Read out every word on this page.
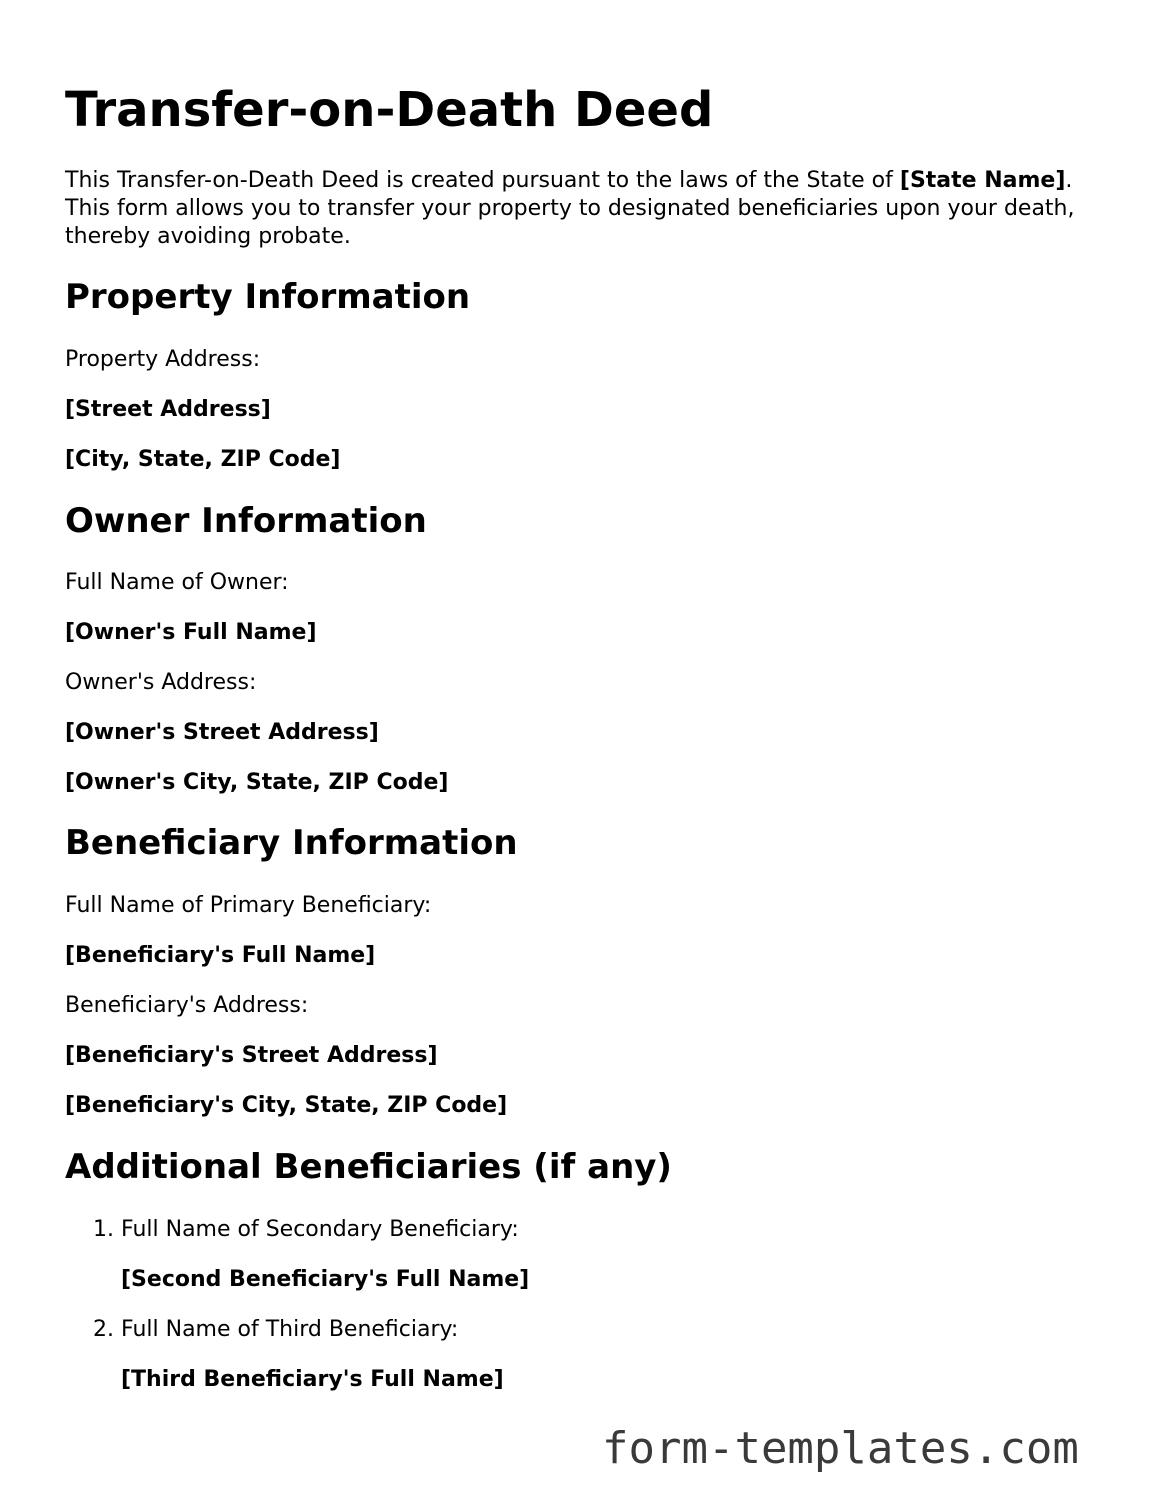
Transfer-on-Death Deed

This Transfer-on-Death Deed is created pursuant to the laws of the State of [State Name]. This form allows you to transfer your property to designated beneficiaries upon your death, thereby avoiding probate.

Property Information

Property Address:

[Street Address]

[City, State, ZIP Code]

Owner Information

Full Name of Owner:

[Owner's Full Name]

Owner's Address:

[Owner's Street Address]

[Owner's City, State, ZIP Code]

Beneficiary Information

Full Name of Primary Beneficiary:

[Beneficiary's Full Name]

Beneficiary's Address:

[Beneficiary's Street Address]

[Beneficiary's City, State, ZIP Code]

Additional Beneficiaries (if any)

1. Full Name of Secondary Beneficiary:

[Second Beneficiary's Full Name]

2. Full Name of Third Beneficiary:

[Third Beneficiary's Full Name]

form-templates.com
